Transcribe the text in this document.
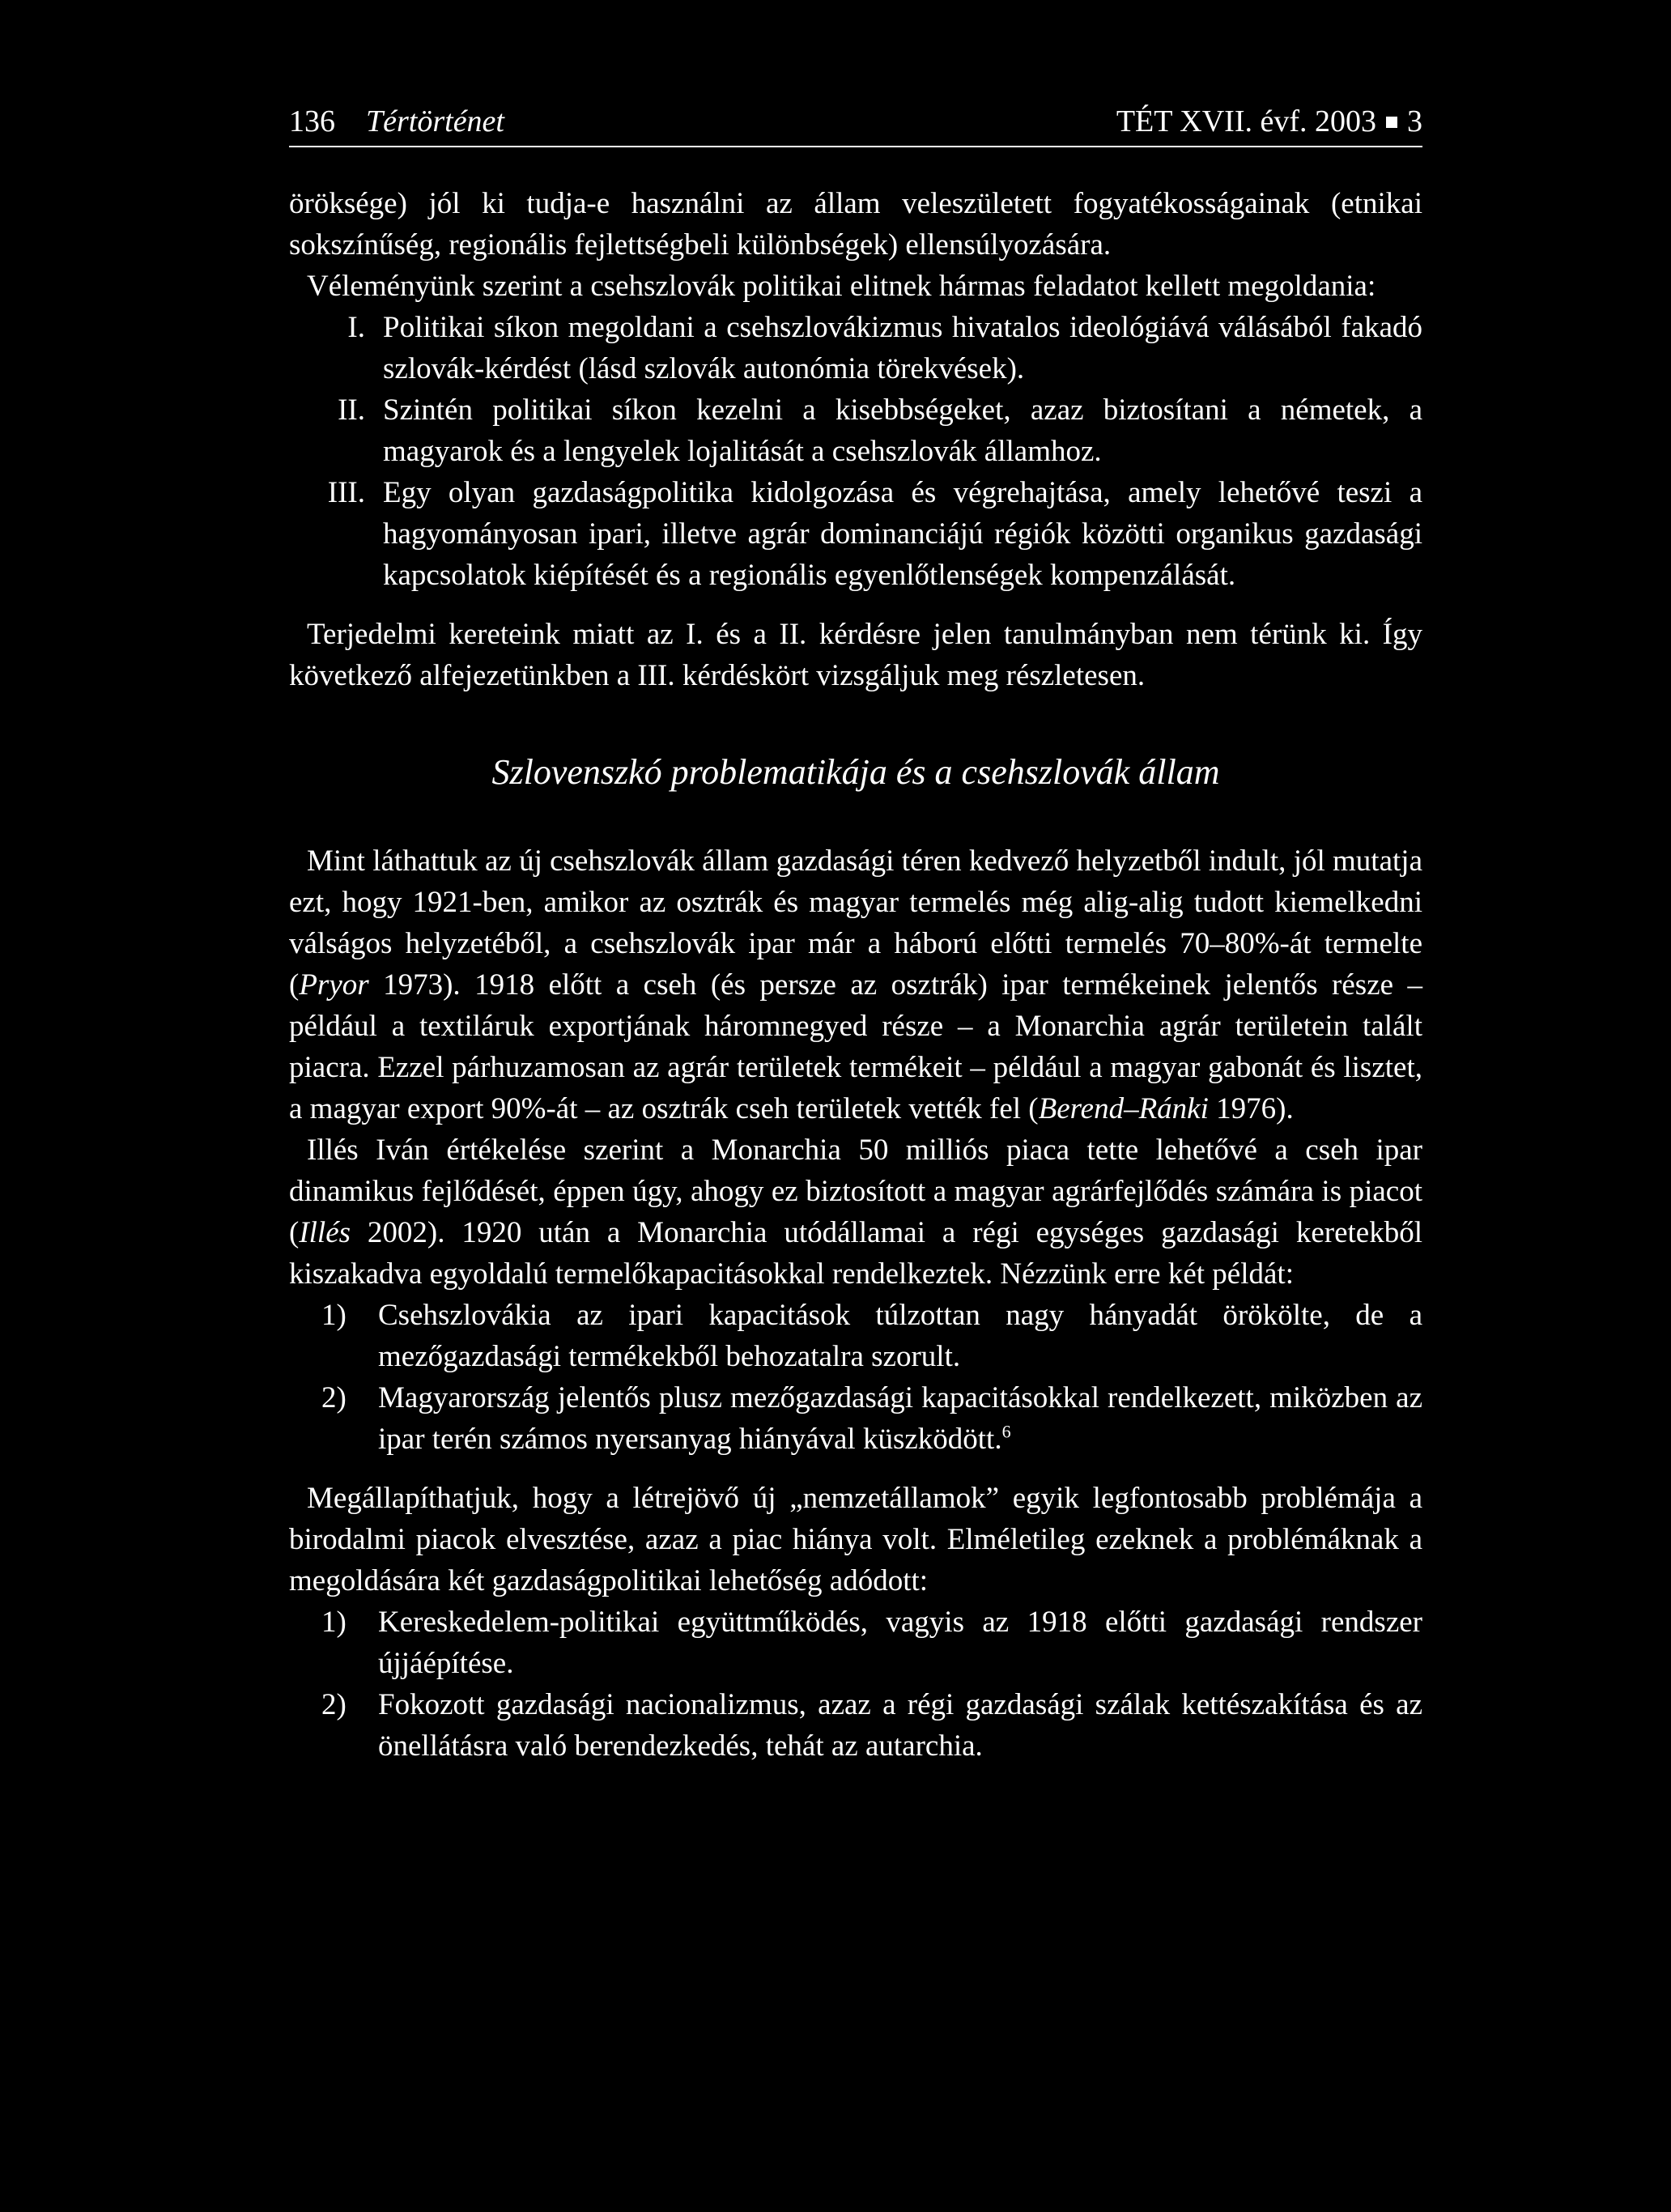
136 Tértörténet	TÉT XVII. évf. 2003 3

öröksége) jól ki tudja-e használni az állam veleszületett fogyatékosságainak (etnikai sokszínűség, regionális fejlettségbeli különbségek) ellensúlyozására.

Véleményünk szerint a csehszlovák politikai elitnek hármas feladatot kellett megoldania:

I. Politikai síkon megoldani a csehszlovákizmus hivatalos ideológiává válásából fakadó szlovák-kérdést (lásd szlovák autonómia törekvések).
II. Szintén politikai síkon kezelni a kisebbségeket, azaz biztosítani a németek, a magyarok és a lengyelek lojalitását a csehszlovák államhoz.
III. Egy olyan gazdaságpolitika kidolgozása és végrehajtása, amely lehetővé teszi a hagyományosan ipari, illetve agrár dominanciájú régiók közötti organikus gazdasági kapcsolatok kiépítését és a regionális egyenlőtlenségek kompenzálását.

Terjedelmi kereteink miatt az I. és a II. kérdésre jelen tanulmányban nem térünk ki. Így következő alfejezetünkben a III. kérdéskört vizsgáljuk meg részletesen.

Szlovenszkó problematikája és a csehszlovák állam

Mint láthattuk az új csehszlovák állam gazdasági téren kedvező helyzetből indult, jól mutatja ezt, hogy 1921-ben, amikor az osztrák és magyar termelés még alig-alig tudott kiemelkedni válságos helyzetéből, a csehszlovák ipar már a háború előtti termelés 70–80%-át termelte (Pryor 1973). 1918 előtt a cseh (és persze az osztrák) ipar termékeinek jelentős része – például a textiláruk exportjának háromnegyed része – a Monarchia agrár területein talált piacra. Ezzel párhuzamosan az agrár területek termékeit – például a magyar gabonát és lisztet, a magyar export 90%-át – az osztrák cseh területek vették fel (Berend–Ránki 1976).

Illés Iván értékelése szerint a Monarchia 50 milliós piaca tette lehetővé a cseh ipar dinamikus fejlődését, éppen úgy, ahogy ez biztosított a magyar agrárfejlődés számára is piacot (Illés 2002). 1920 után a Monarchia utódállamai a régi egységes gazdasági keretekből kiszakadva egyoldalú termelőkapacitásokkal rendelkeztek. Nézzünk erre két példát:

1)	Csehszlovákia az ipari kapacitások túlzottan nagy hányadát örökölte, de a mezőgazdasági termékekből behozatalra szorult.
2)	Magyarország jelentős plusz mezőgazdasági kapacitásokkal rendelkezett, miközben az ipar terén számos nyersanyag hiányával küszködött.$^6$

Megállapíthatjuk, hogy a létrejövő új „nemzetállamok” egyik legfontosabb problémája a birodalmi piacok elvesztése, azaz a piac hiánya volt. Elméletileg ezeknek a problémáknak a megoldására két gazdaságpolitikai lehetőség adódott:

1)	Kereskedelem-politikai együttműködés, vagyis az 1918 előtti gazdasági rendszer újjáépítése.
2)	Fokozott gazdasági nacionalizmus, azaz a régi gazdasági szálak kettészakítása és az önellátásra való berendezkedés, tehát az autarchia.
